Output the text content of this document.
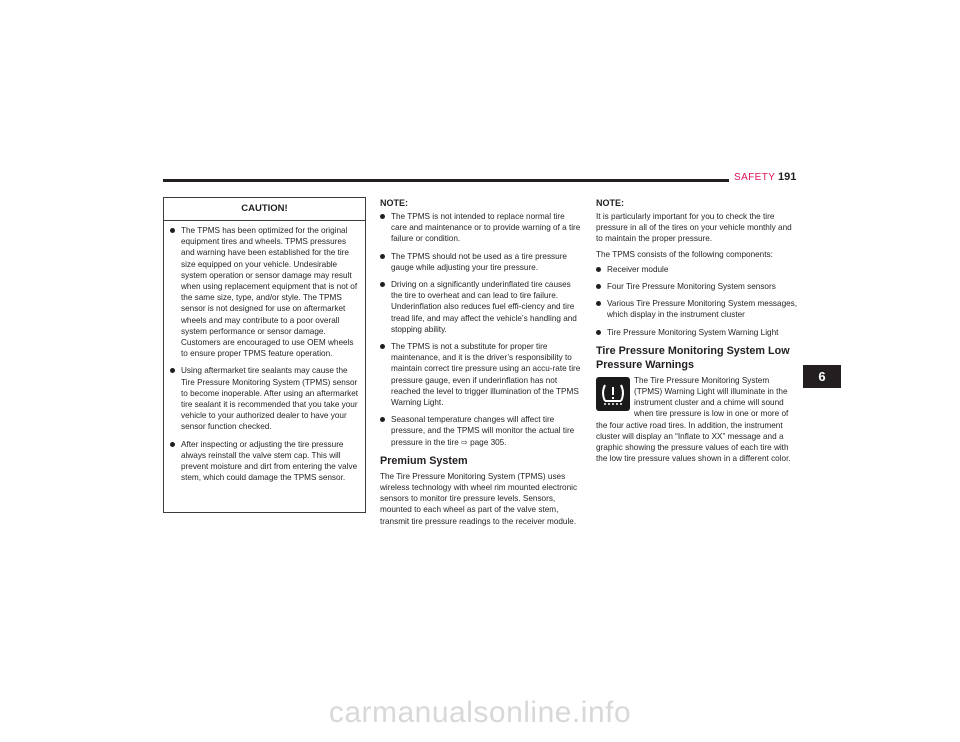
SAFETY 191
CAUTION!
The TPMS has been optimized for the original equipment tires and wheels. TPMS pressures and warning have been established for the tire size equipped on your vehicle. Undesirable system operation or sensor damage may result when using replacement equipment that is not of the same size, type, and/or style. The TPMS sensor is not designed for use on aftermarket wheels and may contribute to a poor overall system performance or sensor damage. Customers are encouraged to use OEM wheels to ensure proper TPMS feature operation.
Using aftermarket tire sealants may cause the Tire Pressure Monitoring System (TPMS) sensor to become inoperable. After using an aftermarket tire sealant it is recommended that you take your vehicle to your authorized dealer to have your sensor function checked.
After inspecting or adjusting the tire pressure always reinstall the valve stem cap. This will prevent moisture and dirt from entering the valve stem, which could damage the TPMS sensor.
NOTE:
The TPMS is not intended to replace normal tire care and maintenance or to provide warning of a tire failure or condition.
The TPMS should not be used as a tire pressure gauge while adjusting your tire pressure.
Driving on a significantly underinflated tire causes the tire to overheat and can lead to tire failure. Underinflation also reduces fuel effi-ciency and tire tread life, and may affect the vehicle’s handling and stopping ability.
The TPMS is not a substitute for proper tire maintenance, and it is the driver’s responsibility to maintain correct tire pressure using an accu-rate tire pressure gauge, even if underinflation has not reached the level to trigger illumination of the TPMS Warning Light.
Seasonal temperature changes will affect tire pressure, and the TPMS will monitor the actual tire pressure in the tire ⇨ page 305.
Premium System

The Tire Pressure Monitoring System (TPMS) uses wireless technology with wheel rim mounted electronic sensors to monitor tire pressure levels. Sensors, mounted to each wheel as part of the valve stem, transmit tire pressure readings to the receiver module.

NOTE:

It is particularly important for you to check the tire pressure in all of the tires on your vehicle monthly and to maintain the proper pressure.

The TPMS consists of the following components:

Receiver module
Four Tire Pressure Monitoring System sensors
Various Tire Pressure Monitoring System messages, which display in the instrument cluster
Tire Pressure Monitoring System Warning Light
Tire Pressure Monitoring System Low Pressure Warnings

The Tire Pressure Monitoring System (TPMS) Warning Light will illuminate in the instrument cluster and a chime will sound when tire pressure is low in one or more of the four active road tires. In addition, the instrument cluster will display an “Inflate to XX” message and a graphic showing the pressure values of each tire with the low tire pressure values shown in a different color.

6
carmanualsonline.info
